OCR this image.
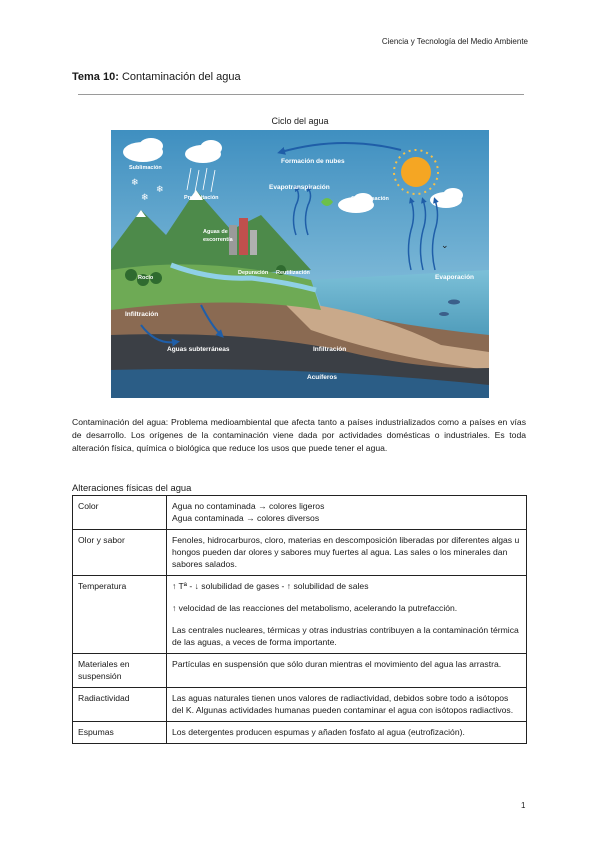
Ciencia y Tecnología del Medio Ambiente
Tema 10: Contaminación del agua
Ciclo del agua
❄
❄
❄
⌄
Sublimación
Precipitación
Formación de nubes
Evapotranspiración
Condensación
Aguas de
escorrentía
Rocío
Depuración Reutilización
Evaporación
Infiltración
Aguas subterráneas	Infiltración
Acuíferos
Contaminación del agua: Problema medioambiental que afecta tanto a países industrializados como a países en vías de desarrollo. Los orígenes de la contaminación viene dada por actividades domésticas o industriales. Es toda alteración física, química o biológica que reduce los usos que puede tener el agua.
Alteraciones físicas del agua
Color	Agua no contaminada → colores ligeros
Agua contaminada → colores diversos

Olor y sabor	Fenoles, hidrocarburos, cloro, materias en descomposición liberadas por diferentes algas u hongos pueden dar olores y sabores muy fuertes al agua. Las sales o los minerales dan sabores salados.

Temperatura	↑ Tª - ↓ solubilidad de gases - ↑ solubilidad de sales

↑ velocidad de las reacciones del metabolismo, acelerando la putrefacción.

Las centrales nucleares, térmicas y otras industrias contribuyen a la contaminación térmica de las aguas, a veces de forma importante.

Materiales en suspensión	Partículas en suspensión que sólo duran mientras el movimiento del agua las arrastra.

Radiactividad	Las aguas naturales tienen unos valores de radiactividad, debidos sobre todo a isótopos del K. Algunas actividades humanas pueden contaminar el agua con isótopos radiactivos.

Espumas	Los detergentes producen espumas y añaden fosfato al agua (eutrofización).

1
